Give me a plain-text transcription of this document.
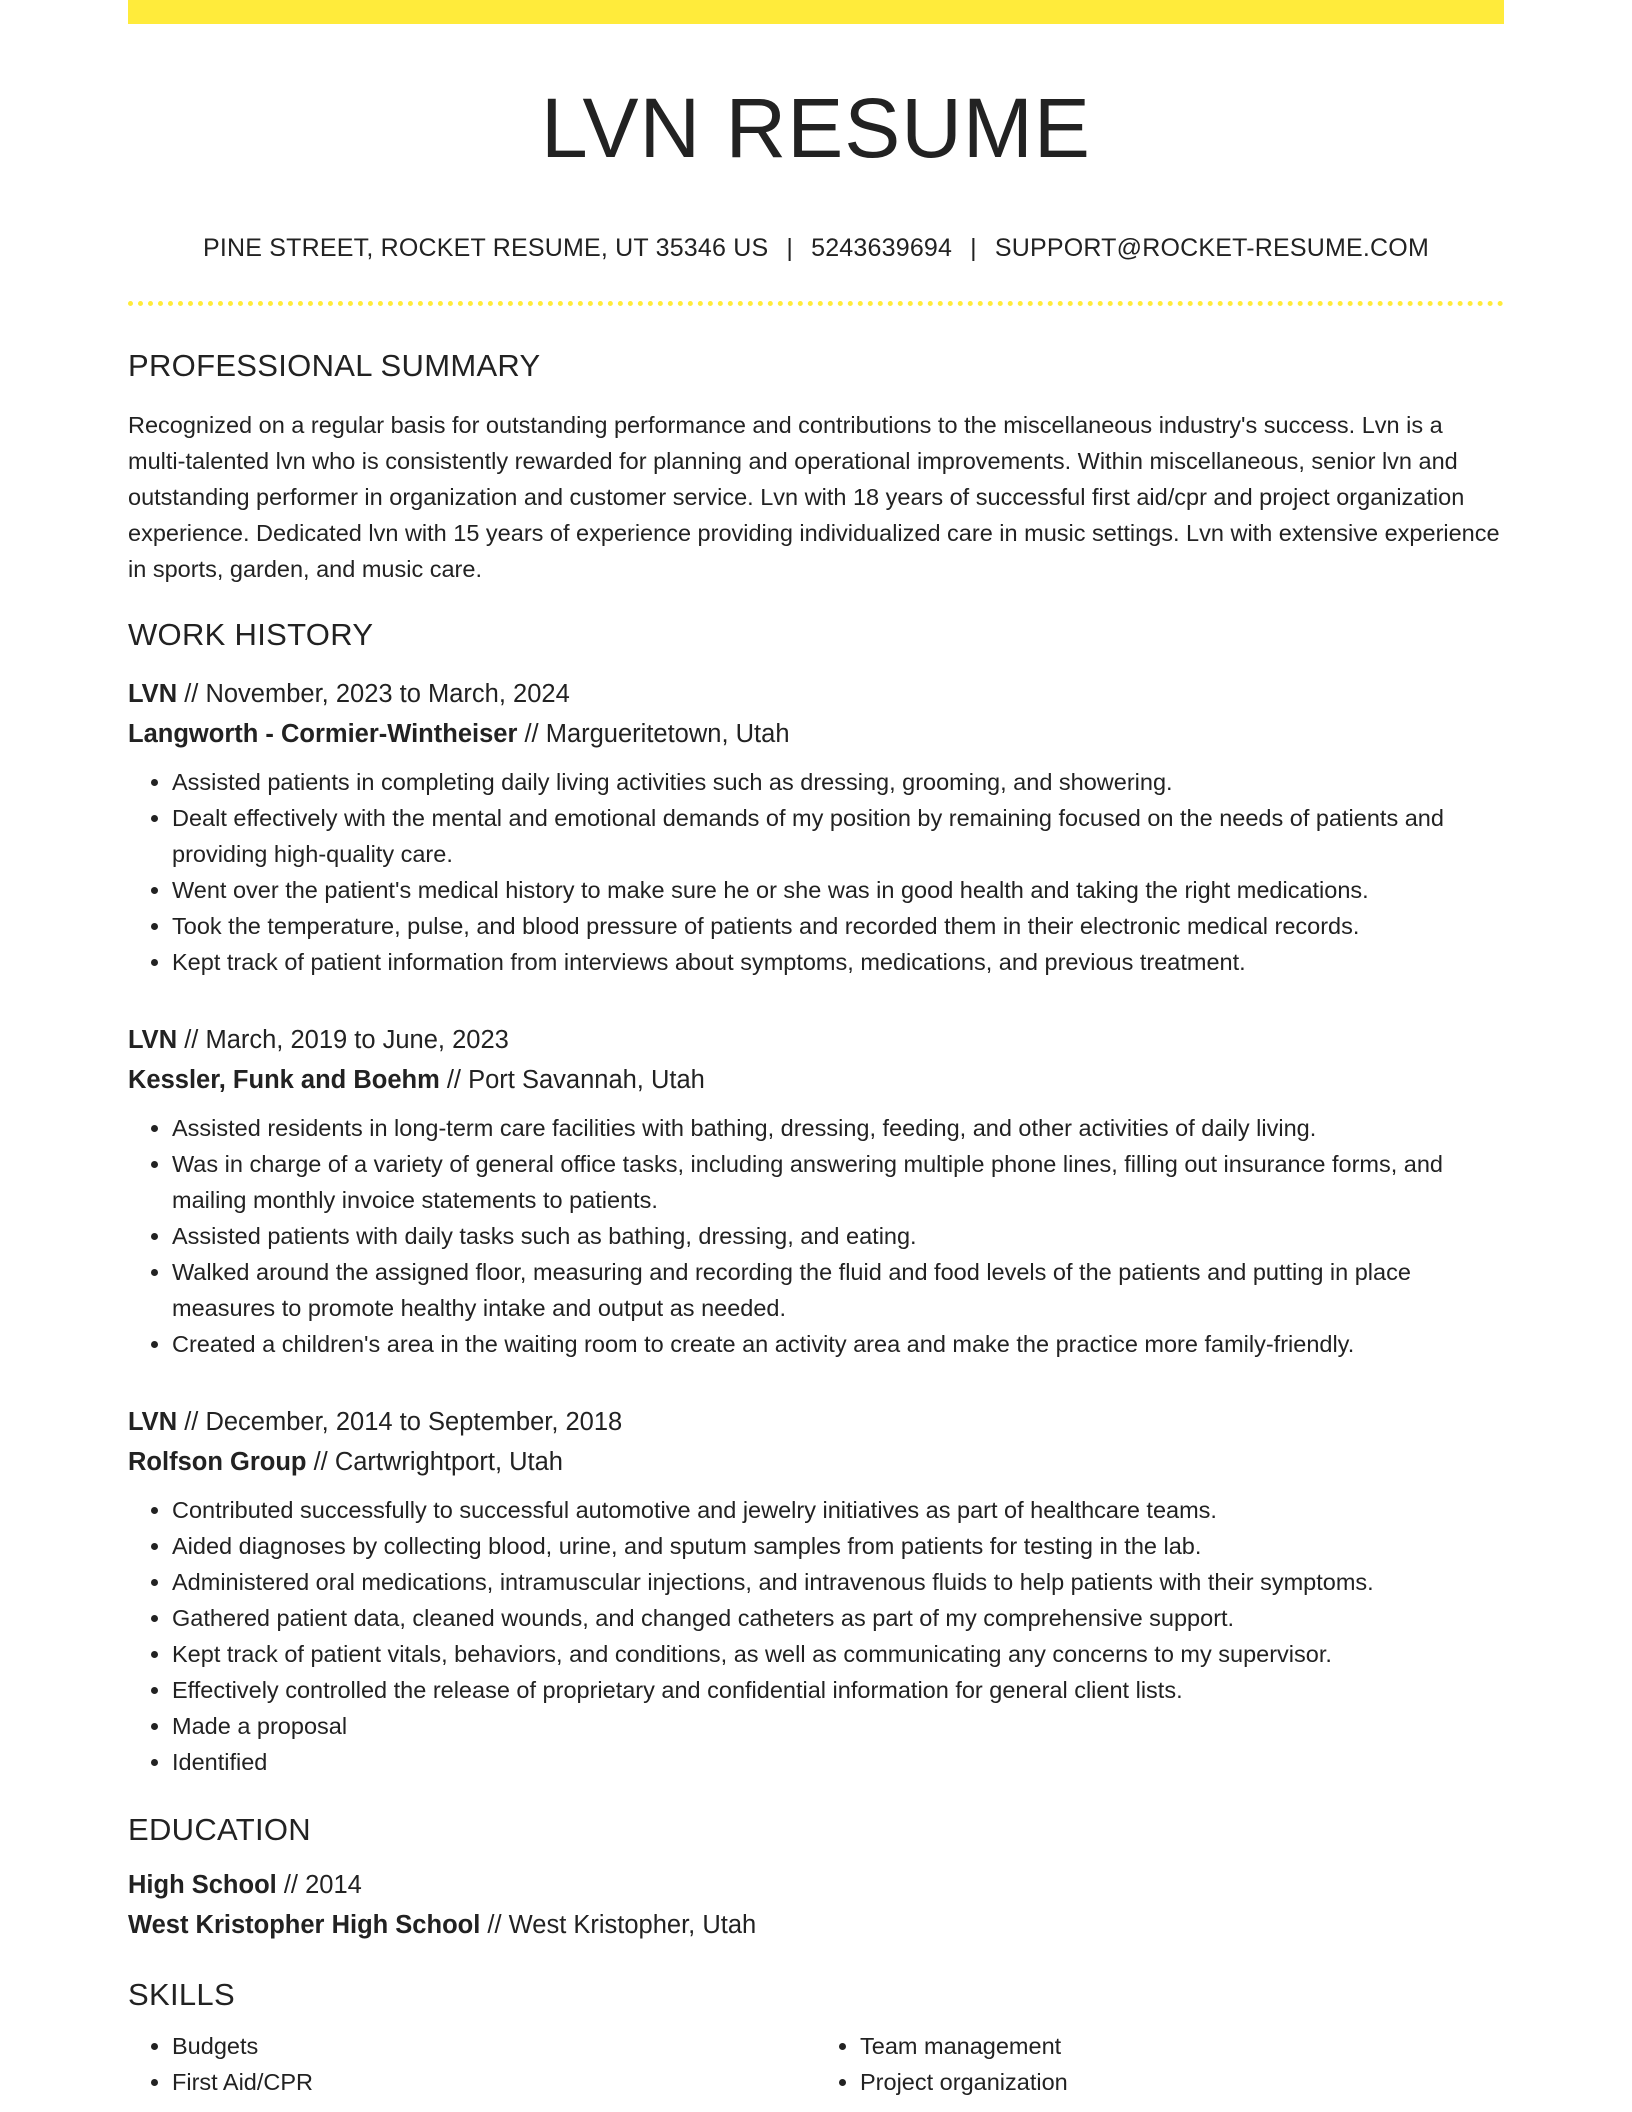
LVN RESUME
PINE STREET, ROCKET RESUME, UT 35346 US | 5243639694 | SUPPORT@ROCKET-RESUME.COM
PROFESSIONAL SUMMARY
Recognized on a regular basis for outstanding performance and contributions to the miscellaneous industry's success. Lvn is a multi-talented lvn who is consistently rewarded for planning and operational improvements. Within miscellaneous, senior lvn and outstanding performer in organization and customer service. Lvn with 18 years of successful first aid/cpr and project organization experience. Dedicated lvn with 15 years of experience providing individualized care in music settings. Lvn with extensive experience in sports, garden, and music care.
WORK HISTORY
LVN // November, 2023 to March, 2024
Langworth - Cormier-Wintheiser // Margueritetown, Utah
• Assisted patients in completing daily living activities such as dressing, grooming, and showering.
• Dealt effectively with the mental and emotional demands of my position by remaining focused on the needs of patients and providing high-quality care.
• Went over the patient's medical history to make sure he or she was in good health and taking the right medications.
• Took the temperature, pulse, and blood pressure of patients and recorded them in their electronic medical records.
• Kept track of patient information from interviews about symptoms, medications, and previous treatment.
LVN // March, 2019 to June, 2023
Kessler, Funk and Boehm // Port Savannah, Utah
• Assisted residents in long-term care facilities with bathing, dressing, feeding, and other activities of daily living.
• Was in charge of a variety of general office tasks, including answering multiple phone lines, filling out insurance forms, and mailing monthly invoice statements to patients.
• Assisted patients with daily tasks such as bathing, dressing, and eating.
• Walked around the assigned floor, measuring and recording the fluid and food levels of the patients and putting in place measures to promote healthy intake and output as needed.
• Created a children's area in the waiting room to create an activity area and make the practice more family-friendly.
LVN // December, 2014 to September, 2018
Rolfson Group // Cartwrightport, Utah
• Contributed successfully to successful automotive and jewelry initiatives as part of healthcare teams.
• Aided diagnoses by collecting blood, urine, and sputum samples from patients for testing in the lab.
• Administered oral medications, intramuscular injections, and intravenous fluids to help patients with their symptoms.
• Gathered patient data, cleaned wounds, and changed catheters as part of my comprehensive support.
• Kept track of patient vitals, behaviors, and conditions, as well as communicating any concerns to my supervisor.
• Effectively controlled the release of proprietary and confidential information for general client lists.
• Made a proposal
• Identified
EDUCATION
High School // 2014
West Kristopher High School // West Kristopher, Utah
SKILLS
• Budgets
• First Aid/CPR
• Team management
• Project organization
